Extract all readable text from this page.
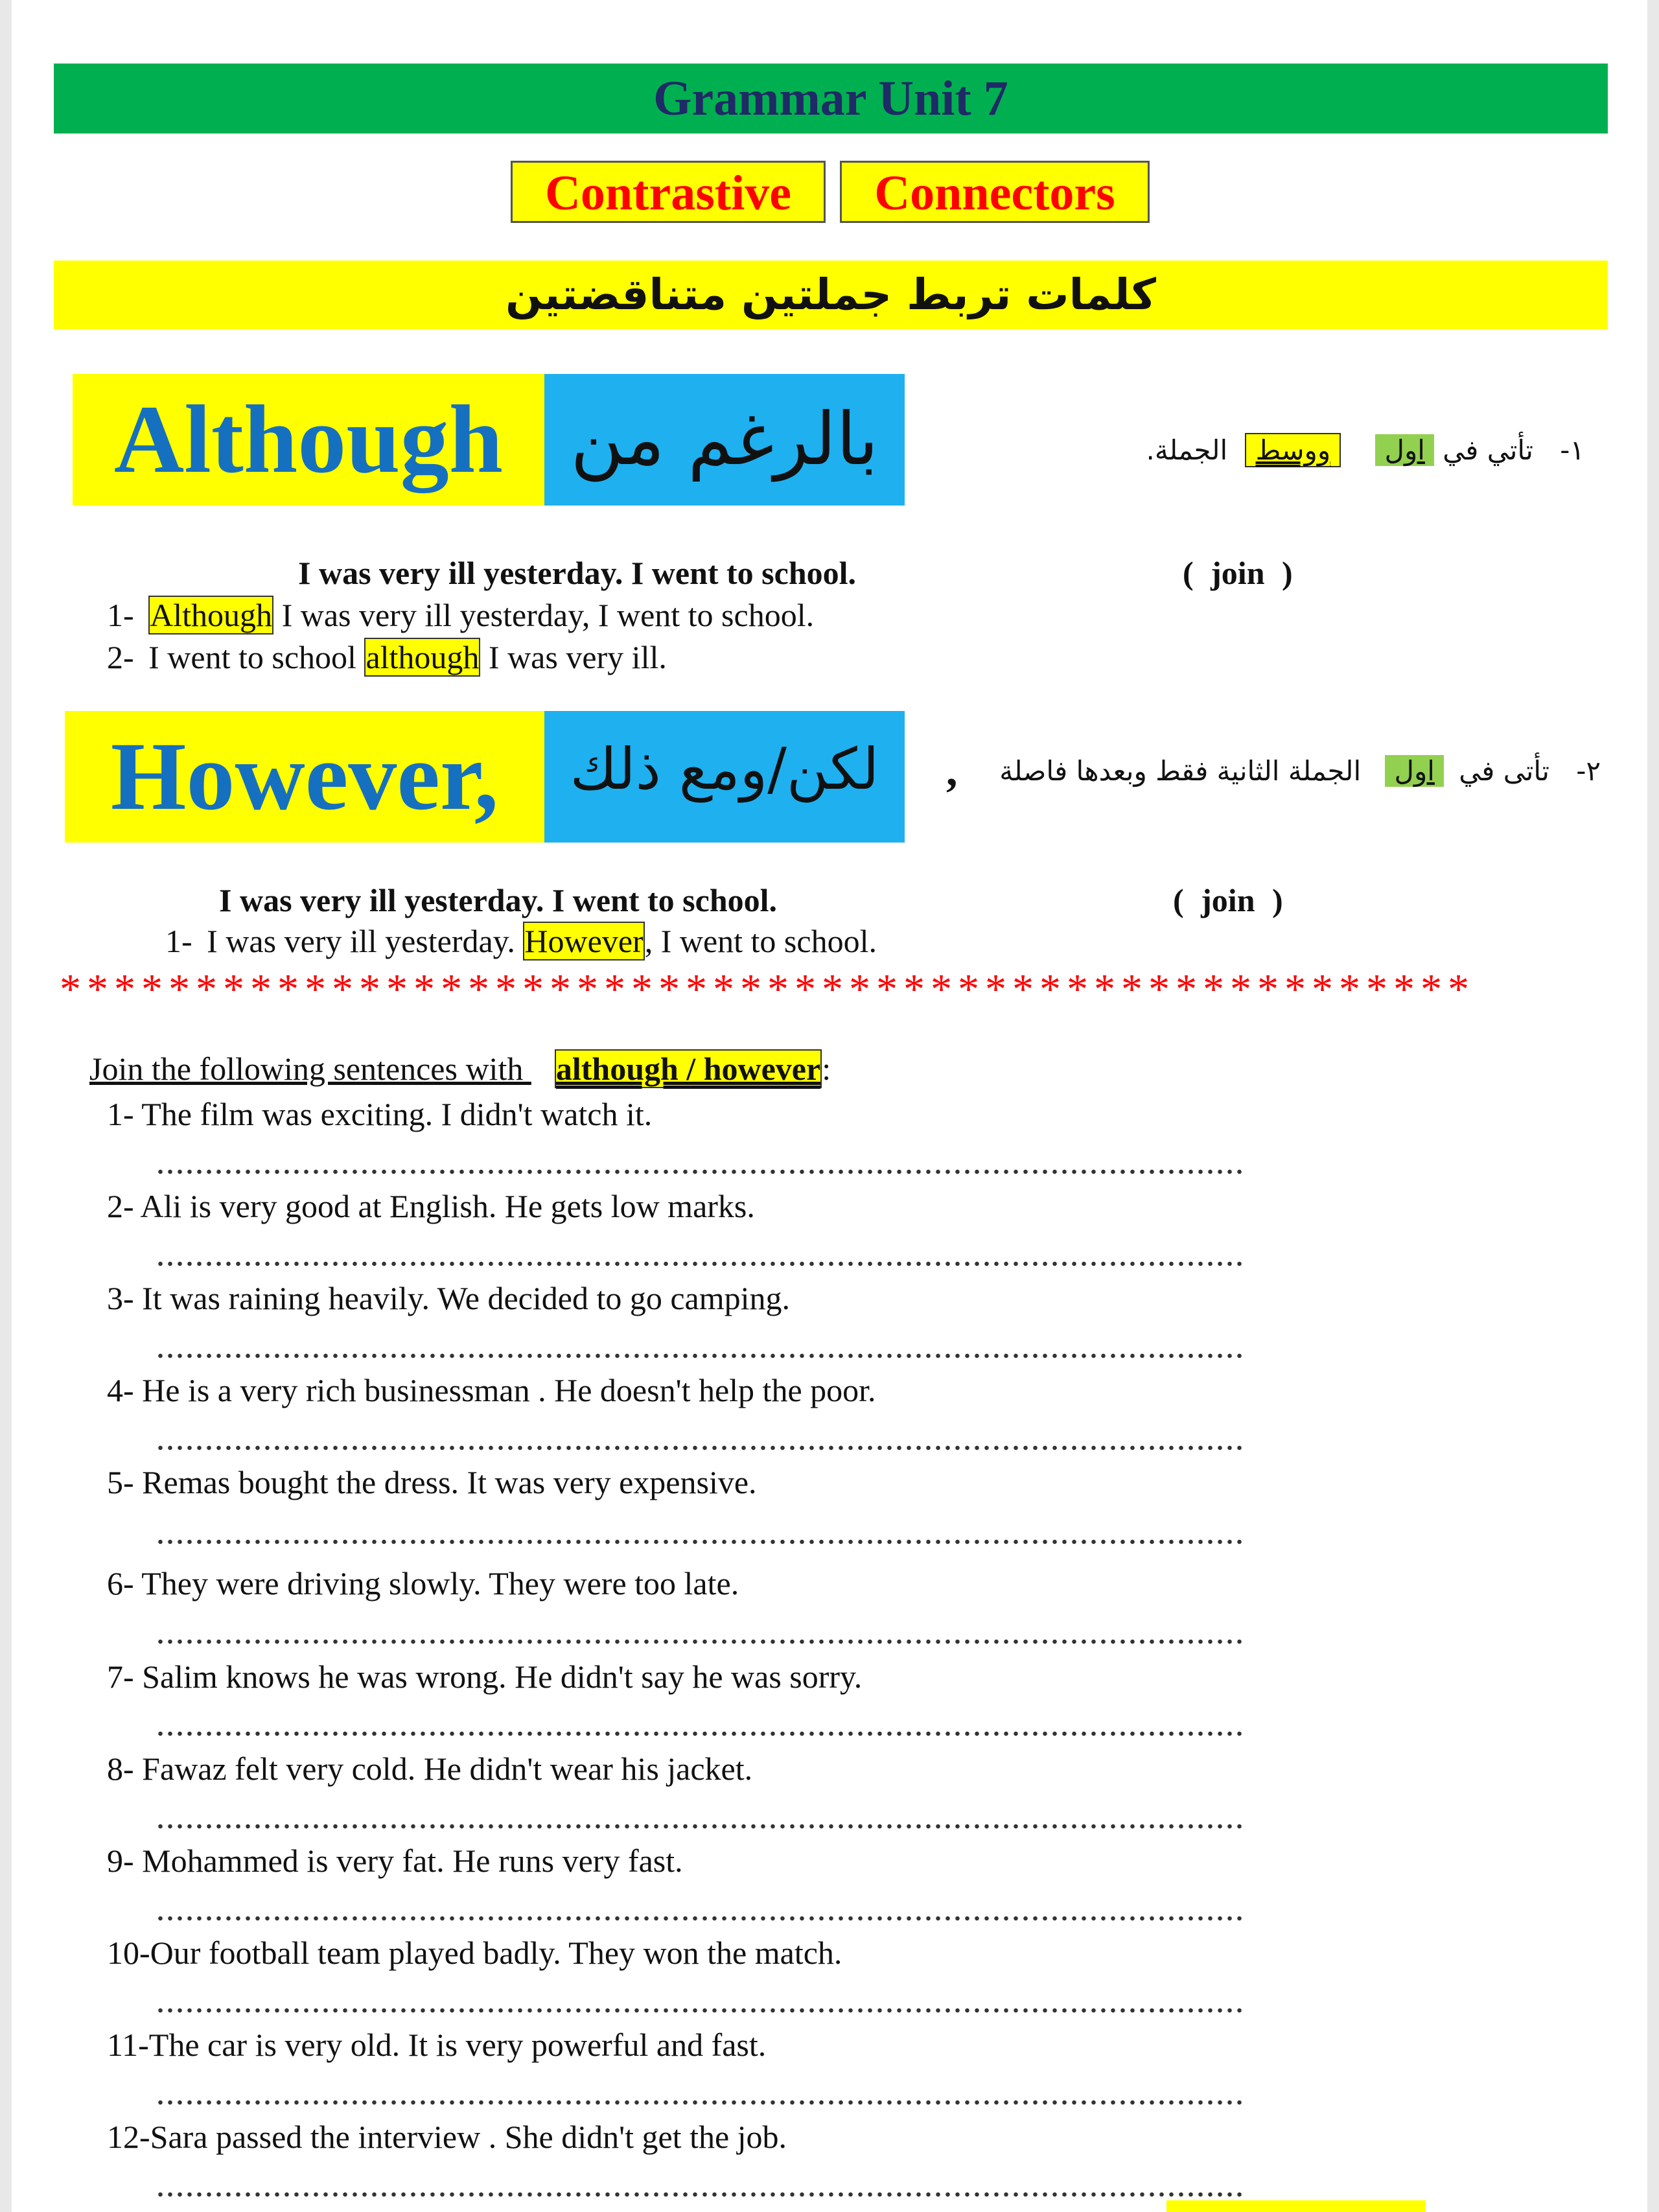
Grammar Unit 7
Contrastive	Connectors
كلمات تربط جملتين متناقضتين
Although بالرغم من	١- تأتي في اول ووسط الجملة.
I was very ill yesterday. I went to school.	( join )
1- Although I was very ill yesterday, I went to school.
2- I went to school although I was very ill.
However,	لكن/ومع ذلك	,	٢- تأتى في اول الجملة الثانية فقط وبعدها فاصلة
I was very ill yesterday. I went to school.	( join )
1- I was very ill yesterday. However, I went to school.
****************************************************
Join the following sentences with although / however:
1- The film was exciting. I didn't watch it.
2- Ali is very good at English. He gets low marks.
3- It was raining heavily. We decided to go camping.
4- He is a very rich businessman . He doesn't help the poor.
5- Remas bought the dress. It was very expensive.
6- They were driving slowly. They were too late.
7- Salim knows he was wrong. He didn't say he was sorry.
8- Fawaz felt very cold. He didn't wear his jacket.
9- Mohammed is very fat. He runs very fast.
10-Our football team played badly. They won the match.
11-The car is very old. It is very powerful and fast.
12-Sara passed the interview . She didn't get the job.
